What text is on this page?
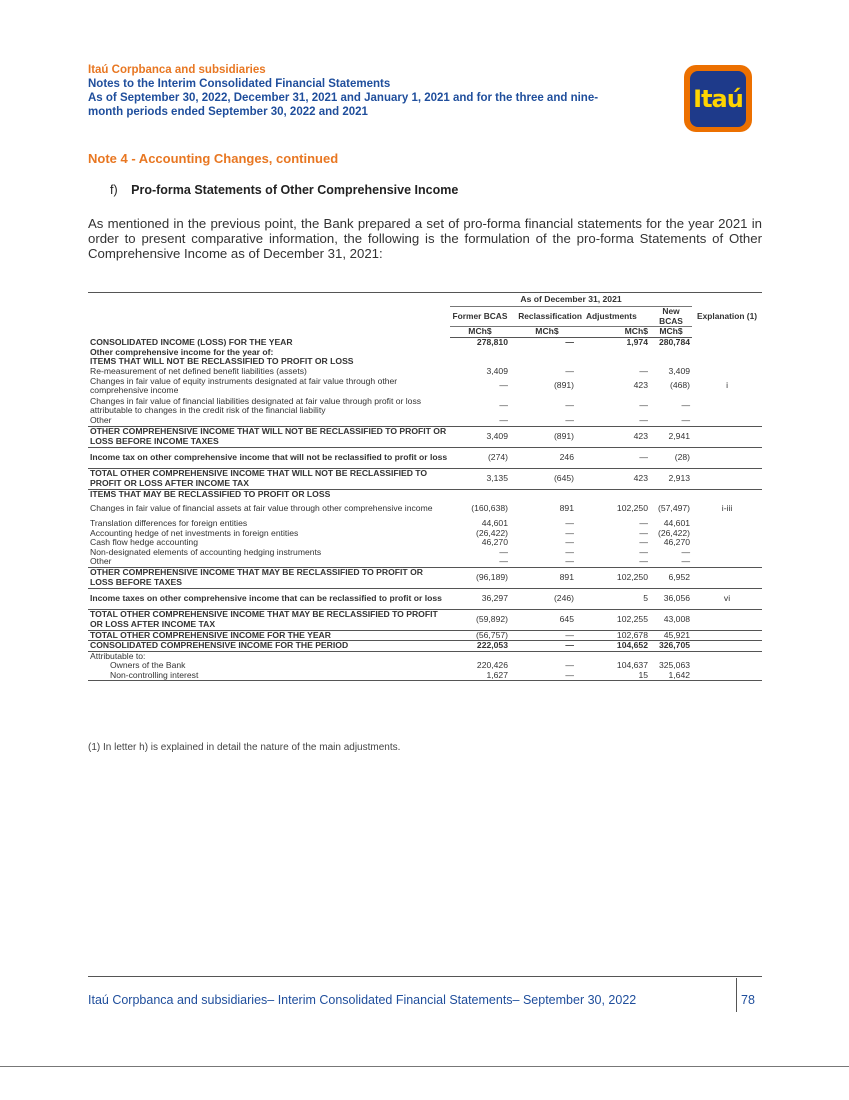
Itaú Corpbanca and subsidiaries
Notes to the Interim Consolidated Financial Statements
As of September 30, 2022, December 31, 2021 and January 1, 2021 and for the three and nine-
month periods ended September 30, 2022 and 2021	Itaú
Note 4 - Accounting Changes, continued
f) Pro-forma Statements of Other Comprehensive Income
As mentioned in the previous point, the Bank prepared a set of pro-forma financial statements for the year 2021 in order to present comparative information, the following is the formulation of the pro-forma Statements of Other Comprehensive Income as of December 31, 2021:
	As of December 31, 2021				
	Former BCAS	Reclassification	Adjustments	New BCAS	Explanation (1)
	MCh$	MCh$	MCh$	MCh$	
CONSOLIDATED INCOME (LOSS) FOR THE YEAR	278,810	—	1,974	280,784	
Other comprehensive income for the year of:					
ITEMS THAT WILL NOT BE RECLASSIFIED TO PROFIT OR LOSS					
Re-measurement of net defined benefit liabilities (assets)	3,409	—	—	3,409	
Changes in fair value of equity instruments designated at fair value through other comprehensive income	—	(891)	423	(468)	i
Changes in fair value of financial liabilities designated at fair value through profit or loss attributable to changes in the credit risk of the financial liability	—	—	—	—	
Other	—	—	—	—	
OTHER COMPREHENSIVE INCOME THAT WILL NOT BE RECLASSIFIED TO PROFIT OR LOSS BEFORE INCOME TAXES	3,409	(891)	423	2,941	
Income tax on other comprehensive income that will not be reclassified to profit or loss	(274)	246	—	(28)	
TOTAL OTHER COMPREHENSIVE INCOME THAT WILL NOT BE RECLASSIFIED TO PROFIT OR LOSS AFTER INCOME TAX	3,135	(645)	423	2,913	
ITEMS THAT MAY BE RECLASSIFIED TO PROFIT OR LOSS					
Changes in fair value of financial assets at fair value through other comprehensive income	(160,638)	891	102,250	(57,497)	i-iii
Translation differences for foreign entities	44,601	—	—	44,601	
Accounting hedge of net investments in foreign entities	(26,422)	—	—	(26,422)	
Cash flow hedge accounting	46,270	—	—	46,270	
Non-designated elements of accounting hedging instruments	—	—	—	—	
Other	—	—	—	—	
OTHER COMPREHENSIVE INCOME THAT MAY BE RECLASSIFIED TO PROFIT OR LOSS BEFORE TAXES	(96,189)	891	102,250	6,952	
Income taxes on other comprehensive income that can be reclassified to profit or loss	36,297	(246)	5	36,056	vi
TOTAL OTHER COMPREHENSIVE INCOME THAT MAY BE RECLASSIFIED TO PROFIT OR LOSS AFTER INCOME TAX	(59,892)	645	102,255	43,008	
TOTAL OTHER COMPREHENSIVE INCOME FOR THE YEAR	(56,757)	—	102,678	45,921	
CONSOLIDATED COMPREHENSIVE INCOME FOR THE PERIOD	222,053	—	104,652	326,705	
Attributable to:					
Owners of the Bank	220,426	—	104,637	325,063	
Non-controlling interest	1,627	—	15	1,642	
(1) In letter h) is explained in detail the nature of the main adjustments.
Itaú Corpbanca and subsidiaries– Interim Consolidated Financial Statements– September 30, 2022	78
